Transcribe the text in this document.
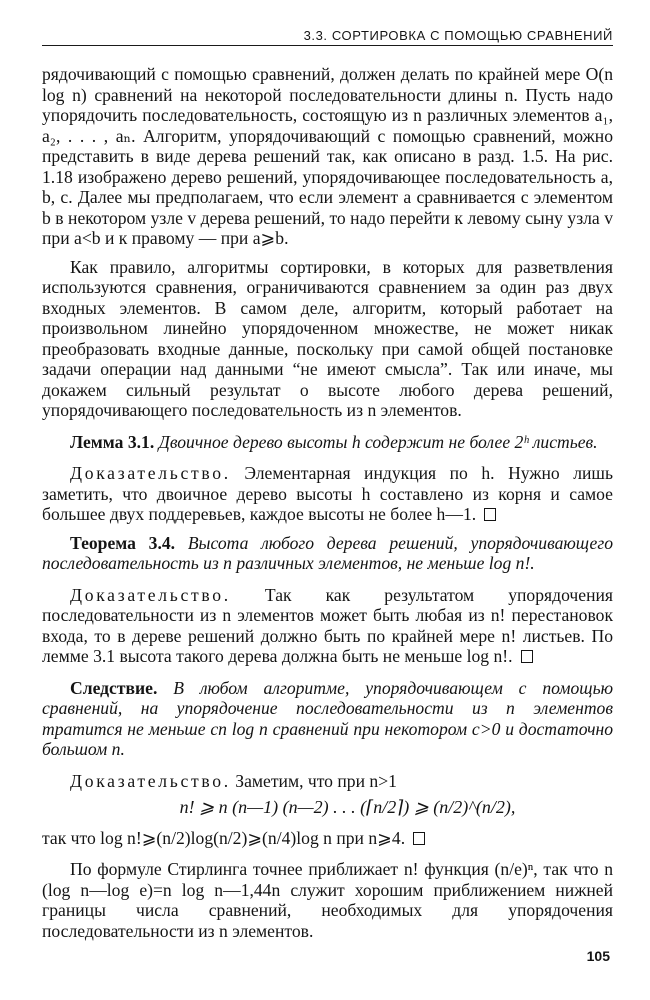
3.3. СОРТИРОВКА С ПОМОЩЬЮ СРАВНЕНИЙ

рядочивающий с помощью сравнений, должен делать по крайней мере O(n log n) сравнений на некоторой последовательности длины n. Пусть надо упорядочить последовательность, состоящую из n различных элементов a₁, a₂, . . . , aₙ. Алгоритм, упорядочивающий с помощью сравнений, можно представить в виде дерева решений так, как описано в разд. 1.5. На рис. 1.18 изображено дерево решений, упорядочивающее последовательность a, b, c. Далее мы предполагаем, что если элемент a сравнивается с элементом b в некотором узле v дерева решений, то надо перейти к левому сыну узла v при a<b и к правому — при a⩾b.

Как правило, алгоритмы сортировки, в которых для разветвления используются сравнения, ограничиваются сравнением за один раз двух входных элементов. В самом деле, алгоритм, который работает на произвольном линейно упорядоченном множестве, не может никак преобразовать входные данные, поскольку при самой общей постановке задачи операции над данными “не имеют смысла”. Так или иначе, мы докажем сильный результат о высоте любого дерева решений, упорядочивающего последовательность из n элементов.

Лемма 3.1. Двоичное дерево высоты h содержит не более 2ʰ листьев.

Доказательство. Элементарная индукция по h. Нужно лишь заметить, что двоичное дерево высоты h составлено из корня и самое большее двух поддеревьев, каждое высоты не более h—1.

Теорема 3.4. Высота любого дерева решений, упорядочивающего последовательность из n различных элементов, не меньше log n!.

Доказательство. Так как результатом упорядочения последовательности из n элементов может быть любая из n! перестановок входа, то в дереве решений должно быть по крайней мере n! листьев. По лемме 3.1 высота такого дерева должна быть не меньше log n!.

Следствие. В любом алгоритме, упорядочивающем с помощью сравнений, на упорядочение последовательности из n элементов тратится не меньше cn log n сравнений при некотором c>0 и достаточно большом n.

Доказательство. Заметим, что при n>1

n! ⩾ n (n—1) (n—2) . . . (⌈n/2⌉) ⩾ (n/2)^(n/2),

так что log n!⩾(n/2)log(n/2)⩾(n/4)log n при n⩾4.

По формуле Стирлинга точнее приближает n! функция (n/e)ⁿ, так что n (log n—log e)=n log n—1,44n служит хорошим приближением нижней границы числа сравнений, необходимых для упорядочения последовательности из n элементов.

105
